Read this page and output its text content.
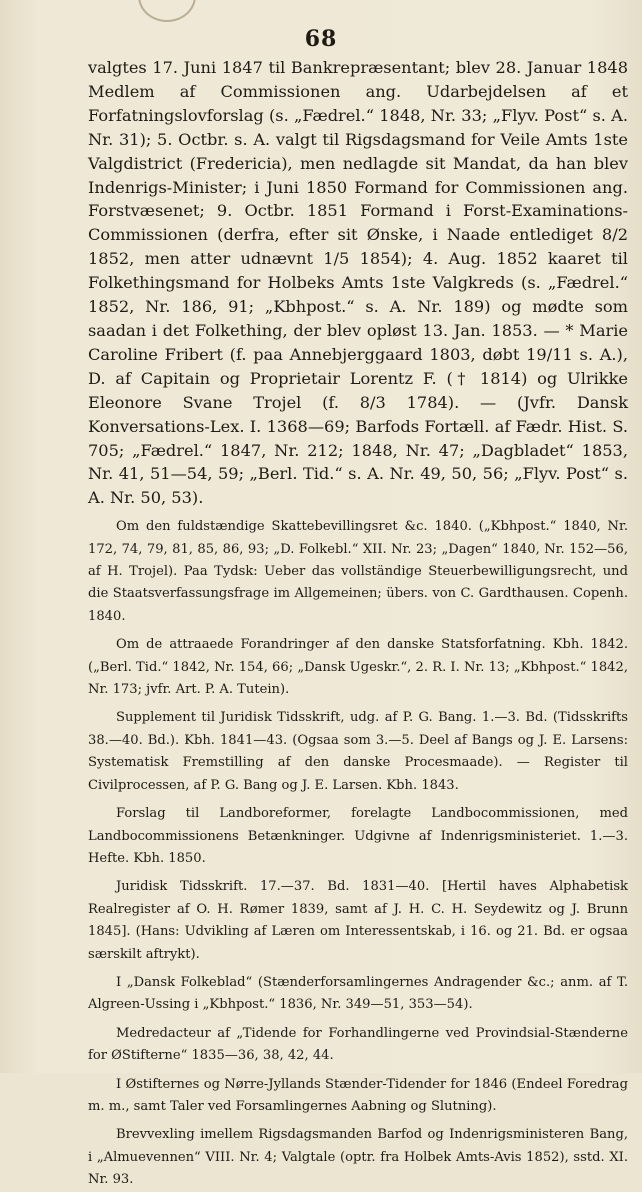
68

valgtes 17. Juni 1847 til Bankrepræsentant; blev 28. Januar 1848 Medlem af Commissionen ang. Udarbejdelsen af et Forfatningslovforslag (s. „Fædrel.“ 1848, Nr. 33; „Flyv. Post“ s. A. Nr. 31); 5. Octbr. s. A. valgt til Rigsdagsmand for Veile Amts 1ste Valgdistrict (Fredericia), men nedlagde sit Mandat, da han blev Indenrigs-Minister; i Juni 1850 Formand for Commissionen ang. Forstvæsenet; 9. Octbr. 1851 Formand i Forst-Examinations-Commissionen (derfra, efter sit Ønske, i Naade entlediget 8/2 1852, men atter udnævnt 1/5 1854); 4. Aug. 1852 kaaret til Folkethingsmand for Holbeks Amts 1ste Valgkreds (s. „Fædrel.“ 1852, Nr. 186, 91; „Kbhpost.“ s. A. Nr. 189) og mødte som saadan i det Folkething, der blev opløst 13. Jan. 1853. — * Marie Caroline Fribert (f. paa Annebjerggaard 1803, døbt 19/11 s. A.), D. af Capitain og Proprietair Lorentz F. († 1814) og Ulrikke Eleonore Svane Trojel (f. 8/3 1784). — (Jvfr. Dansk Konversations-Lex. I. 1368—69; Barfods Fortæll. af Fædr. Hist. S. 705; „Fædrel.“ 1847, Nr. 212; 1848, Nr. 47; „Dagbladet“ 1853, Nr. 41, 51—54, 59; „Berl. Tid.“ s. A. Nr. 49, 50, 56; „Flyv. Post“ s. A. Nr. 50, 53).

Om den fuldstændige Skattebevillingsret &c. 1840. („Kbhpost.“ 1840, Nr. 172, 74, 79, 81, 85, 86, 93; „D. Folkebl.“ XII. Nr. 23; „Dagen“ 1840, Nr. 152—56, af H. Trojel). Paa Tydsk: Ueber das vollständige Steuerbewilligungsrecht, und die Staatsverfassungsfrage im Allgemeinen; übers. von C. Gardthausen. Copenh. 1840.

Om de attraaede Forandringer af den danske Statsforfatning. Kbh. 1842. („Berl. Tid.“ 1842, Nr. 154, 66; „Dansk Ugeskr.“, 2. R. I. Nr. 13; „Kbhpost.“ 1842, Nr. 173; jvfr. Art. P. A. Tutein).

Supplement til Juridisk Tidsskrift, udg. af P. G. Bang. 1.—3. Bd. (Tidsskrifts 38.—40. Bd.). Kbh. 1841—43. (Ogsaa som 3.—5. Deel af Bangs og J. E. Larsens: Systematisk Fremstilling af den danske Procesmaade). — Register til Civilprocessen, af P. G. Bang og J. E. Larsen. Kbh. 1843.

Forslag til Landboreformer, forelagte Landbocommissionen, med Landbocommissionens Betænkninger. Udgivne af Indenrigsministeriet. 1.—3. Hefte. Kbh. 1850.

Juridisk Tidsskrift. 17.—37. Bd. 1831—40. [Hertil haves Alphabetisk Realregister af O. H. Rømer 1839, samt af J. H. C. H. Seydewitz og J. Brunn 1845]. (Hans: Udvikling af Læren om Interessentskab, i 16. og 21. Bd. er ogsaa særskilt aftrykt).

I „Dansk Folkeblad“ (Stænderforsamlingernes Andragender &c.; anm. af T. Algreen-Ussing i „Kbhpost.“ 1836, Nr. 349—51, 353—54).

Medredacteur af „Tidende for Forhandlingerne ved Provindsial-Stænderne for ØStifterne“ 1835—36, 38, 42, 44.

I Østifternes og Nørre-Jyllands Stænder-Tidender for 1846 (Endeel Foredrag m. m., samt Taler ved Forsamlingernes Aabning og Slutning).

Brevvexling imellem Rigsdagsmanden Barfod og Indenrigsministeren Bang, i „Almuevennen“ VIII. Nr. 4; Valgtale (optr. fra Holbek Amts-Avis 1852), sstd. XI. Nr. 93.
